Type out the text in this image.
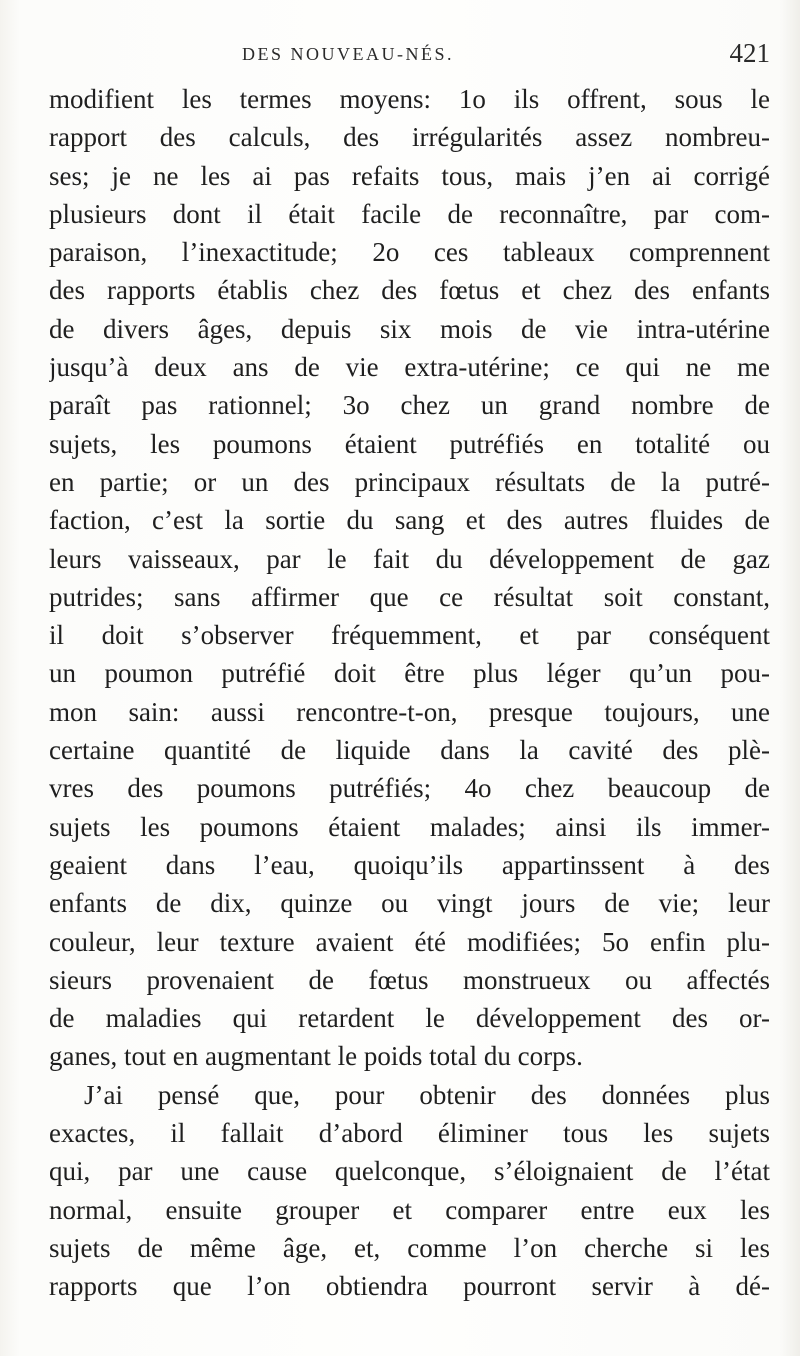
DES NOUVEAU-NÉS.	421
modifient les termes moyens: 1o ils offrent, sous le
rapport des calculs, des irrégularités assez nombreu-
ses; je ne les ai pas refaits tous, mais j’en ai corrigé
plusieurs dont il était facile de reconnaître, par com-
paraison, l’inexactitude; 2o ces tableaux comprennent
des rapports établis chez des fœtus et chez des enfants
de divers âges, depuis six mois de vie intra-utérine
jusqu’à deux ans de vie extra-utérine; ce qui ne me
paraît pas rationnel; 3o chez un grand nombre de
sujets, les poumons étaient putréfiés en totalité ou
en partie; or un des principaux résultats de la putré-
faction, c’est la sortie du sang et des autres fluides de
leurs vaisseaux, par le fait du développement de gaz
putrides; sans affirmer que ce résultat soit constant,
il doit s’observer fréquemment, et par conséquent
un poumon putréfié doit être plus léger qu’un pou-
mon sain: aussi rencontre-t-on, presque toujours, une
certaine quantité de liquide dans la cavité des plè-
vres des poumons putréfiés; 4o chez beaucoup de
sujets les poumons étaient malades; ainsi ils immer-
geaient dans l’eau, quoiqu’ils appartinssent à des
enfants de dix, quinze ou vingt jours de vie; leur
couleur, leur texture avaient été modifiées; 5o enfin plu-
sieurs provenaient de fœtus monstrueux ou affectés
de maladies qui retardent le développement des or-
ganes, tout en augmentant le poids total du corps.
J’ai pensé que, pour obtenir des données plus
exactes, il fallait d’abord éliminer tous les sujets
qui, par une cause quelconque, s’éloignaient de l’état
normal, ensuite grouper et comparer entre eux les
sujets de même âge, et, comme l’on cherche si les
rapports que l’on obtiendra pourront servir à dé-
